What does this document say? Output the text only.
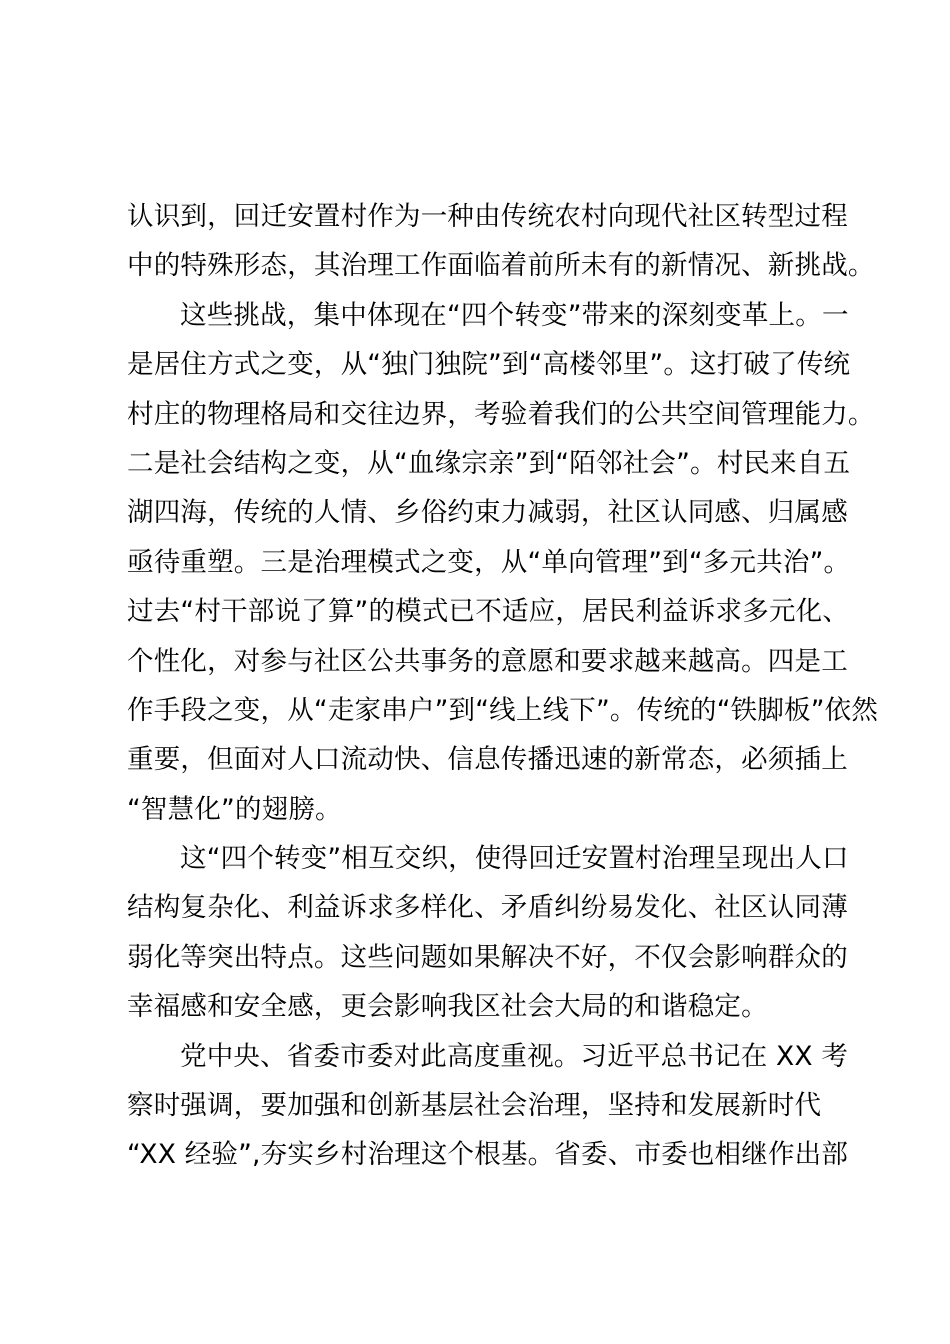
认识到，回迁安置村作为一种由传统农村向现代社区转型过程
中的特殊形态，其治理工作面临着前所未有的新情况、新挑战。
这些挑战，集中体现在“四个转变”带来的深刻变革上。一
是居住方式之变，从“独门独院”到“高楼邻里”。这打破了传统
村庄的物理格局和交往边界，考验着我们的公共空间管理能力。
二是社会结构之变，从“血缘宗亲”到“陌邻社会”。村民来自五
湖四海，传统的人情、乡俗约束力减弱，社区认同感、归属感
亟待重塑。三是治理模式之变，从“单向管理”到“多元共治”。
过去“村干部说了算”的模式已不适应，居民利益诉求多元化、
个性化，对参与社区公共事务的意愿和要求越来越高。四是工
作手段之变，从“走家串户”到“线上线下”。传统的“铁脚板”依然
重要，但面对人口流动快、信息传播迅速的新常态，必须插上
“智慧化”的翅膀。
这“四个转变”相互交织，使得回迁安置村治理呈现出人口
结构复杂化、利益诉求多样化、矛盾纠纷易发化、社区认同薄
弱化等突出特点。这些问题如果解决不好，不仅会影响群众的
幸福感和安全感，更会影响我区社会大局的和谐稳定。
党中央、省委市委对此高度重视。习近平总书记在 XX 考
察时强调，要加强和创新基层社会治理，坚持和发展新时代
“XX 经验”,夯实乡村治理这个根基。省委、市委也相继作出部
